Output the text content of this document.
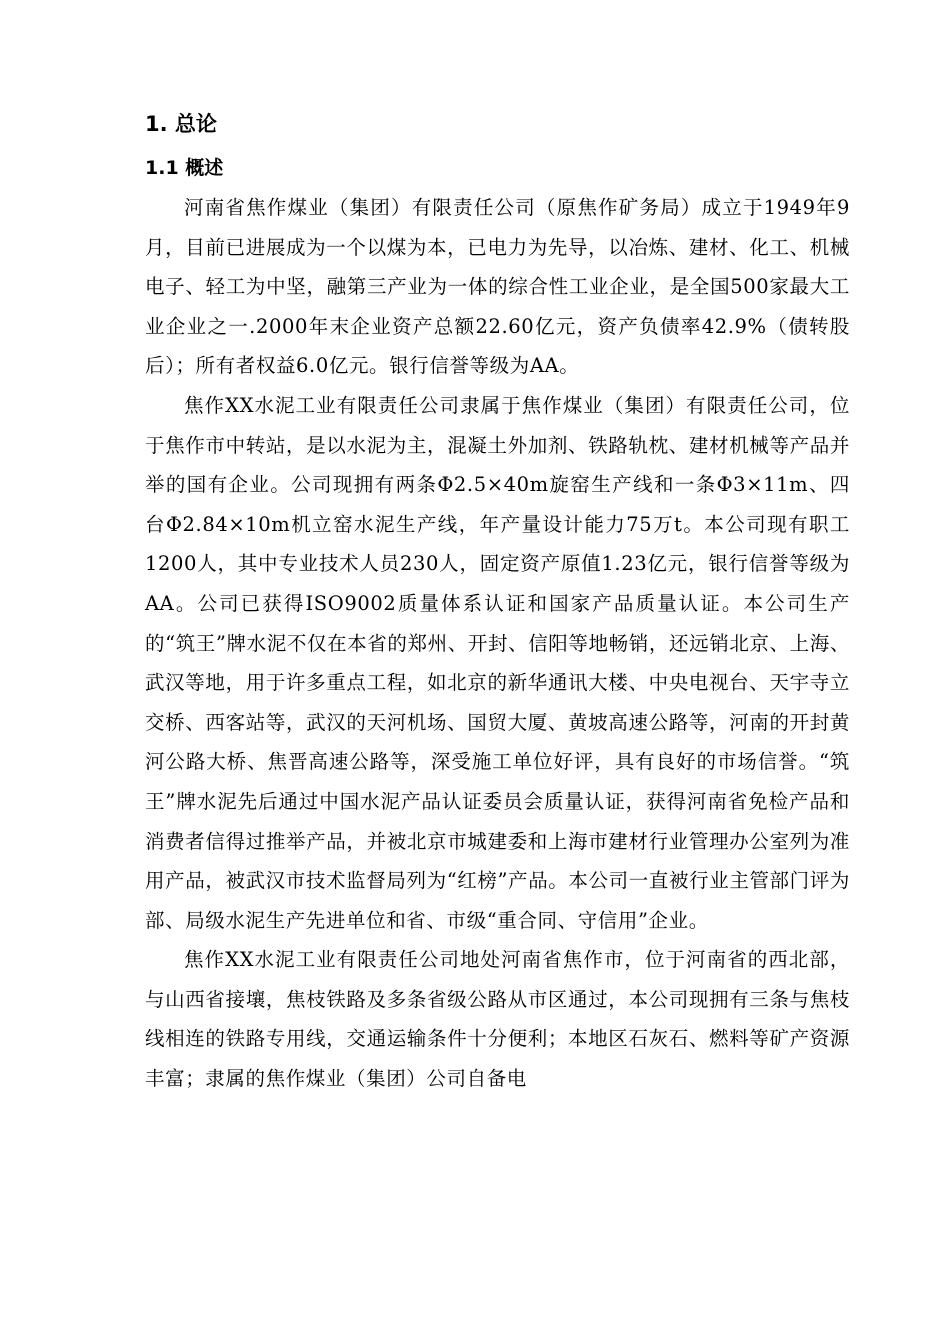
1. 总论
1.1 概述

河南省焦作煤业（集团）有限责任公司（原焦作矿务局）成立于1949年9月，目前已进展成为一个以煤为本，已电力为先导，以冶炼、建材、化工、机械电子、轻工为中坚，融第三产业为一体的综合性工业企业，是全国500家最大工业企业之一.2000年末企业资产总额22.60亿元，资产负债率42.9%（债转股后）；所有者权益6.0亿元。银行信誉等级为AA。

焦作XX水泥工业有限责任公司隶属于焦作煤业（集团）有限责任公司，位于焦作市中转站，是以水泥为主，混凝土外加剂、铁路轨枕、建材机械等产品并举的国有企业。公司现拥有两条Φ2.5×40m旋窑生产线和一条Φ3×11m、四台Φ2.84×10m机立窑水泥生产线，年产量设计能力75万t。本公司现有职工1200人，其中专业技术人员230人，固定资产原值1.23亿元，银行信誉等级为AA。公司已获得ISO9002质量体系认证和国家产品质量认证。本公司生产的“筑王”牌水泥不仅在本省的郑州、开封、信阳等地畅销，还远销北京、上海、武汉等地，用于许多重点工程，如北京的新华通讯大楼、中央电视台、天宇寺立交桥、西客站等，武汉的天河机场、国贸大厦、黄坡高速公路等，河南的开封黄河公路大桥、焦晋高速公路等，深受施工单位好评，具有良好的市场信誉。“筑王”牌水泥先后通过中国水泥产品认证委员会质量认证，获得河南省免检产品和消费者信得过推举产品，并被北京市城建委和上海市建材行业管理办公室列为准用产品，被武汉市技术监督局列为“红榜”产品。本公司一直被行业主管部门评为部、局级水泥生产先进单位和省、市级“重合同、守信用”企业。

焦作XX水泥工业有限责任公司地处河南省焦作市，位于河南省的西北部，与山西省接壤，焦枝铁路及多条省级公路从市区通过，本公司现拥有三条与焦枝线相连的铁路专用线，交通运输条件十分便利；本地区石灰石、燃料等矿产资源丰富；隶属的焦作煤业（集团）公司自备电
